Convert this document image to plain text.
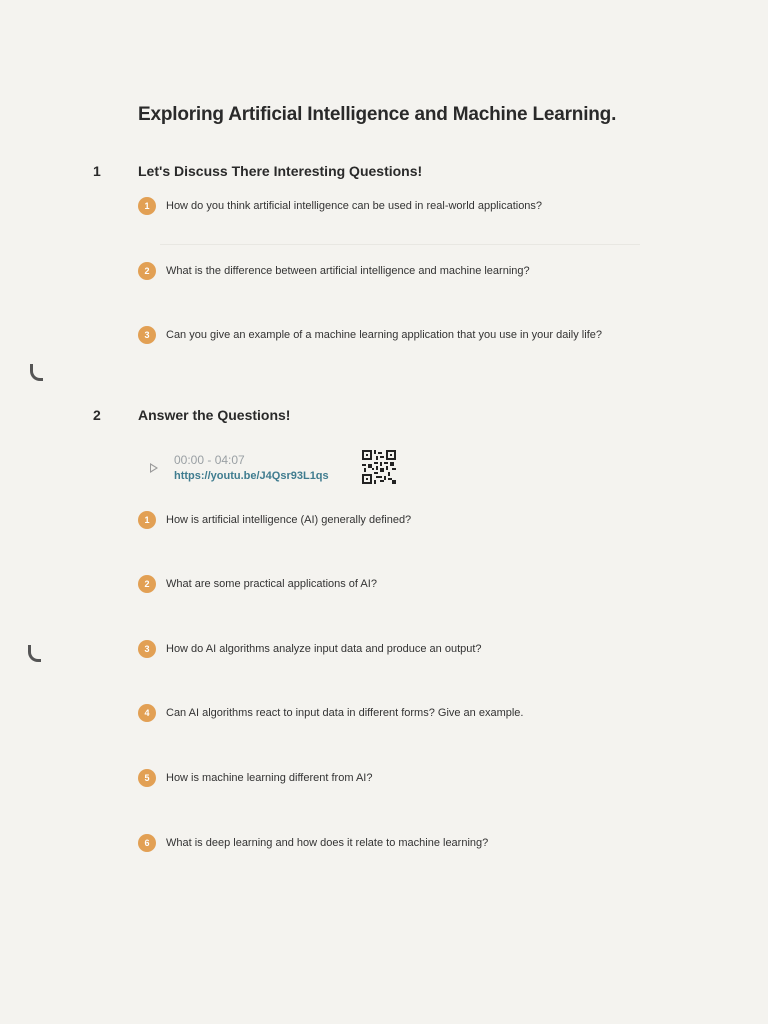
Exploring Artificial Intelligence and Machine Learning.
1	Let's Discuss There Interesting Questions!
1	How do you think artificial intelligence can be used in real-world applications?
2	What is the difference between artificial intelligence and machine learning?
3	Can you give an example of a machine learning application that you use in your daily life?
2	Answer the Questions!
00:00 - 04:07
https://youtu.be/J4Qsr93L1qs
1	How is artificial intelligence (AI) generally defined?
2	What are some practical applications of AI?
3	How do AI algorithms analyze input data and produce an output?
4	Can AI algorithms react to input data in different forms? Give an example.
5	How is machine learning different from AI?
6	What is deep learning and how does it relate to machine learning?
